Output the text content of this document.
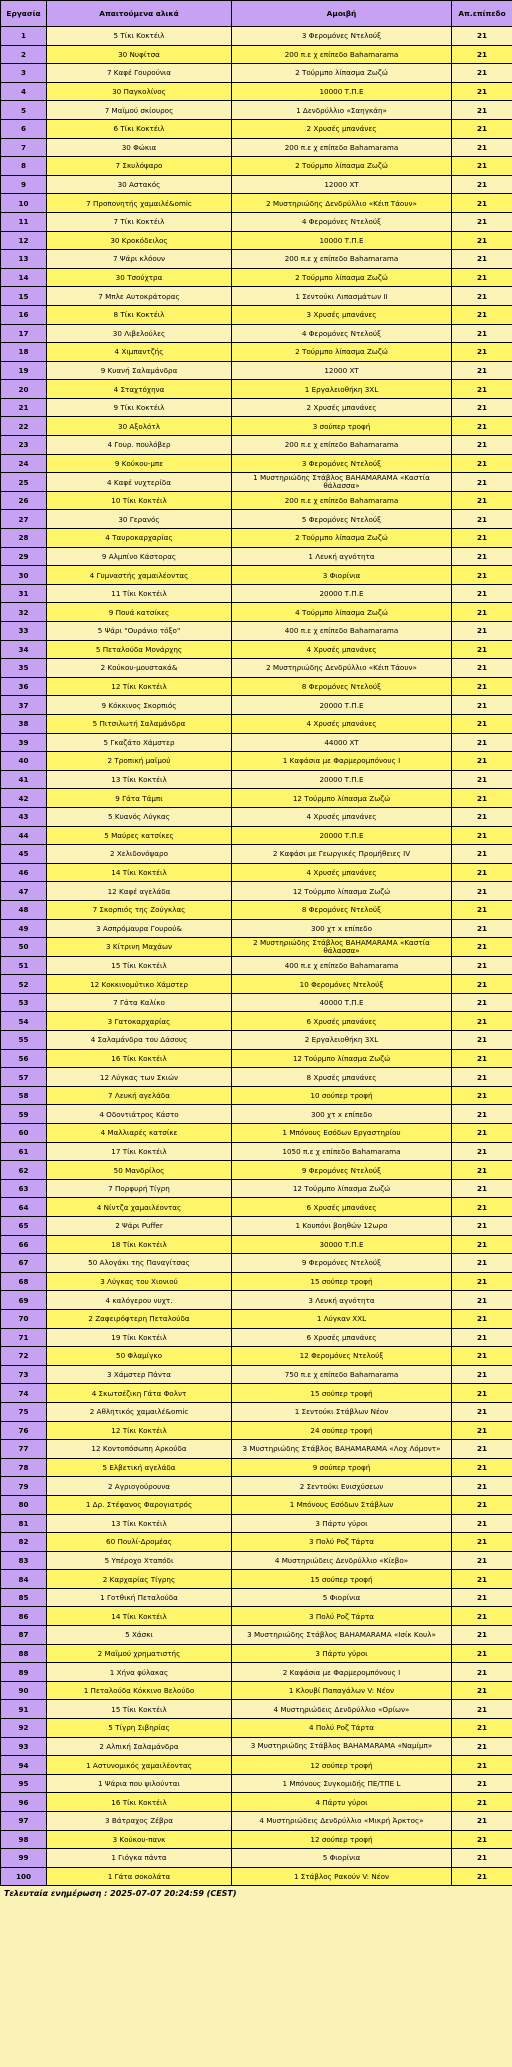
Εργασία	Απαιτούμενα αλικά	Αμοιβή	Απ.επίπεδο
1	5 Τίκι Κοκτέιλ	3 Φερομόνες Ντελούξ	21
2	30 Νυφίτσα	200 π.ε χ επίπεδο Bahamarama	21
3	7 Καφέ Γουρούνια	2 Τούρμπο λίπασμα Ζωζώ	21
4	30 Παγκολίνος	10000 Τ.Π.Ε	21
5	7 Μαϊμού σκίουρος	1 Δενδρύλλιο «Σαηγκάη»	21
6	6 Τίκι Κοκτέιλ	2 Χρυσές μπανάνες	21
7	30 Φώκια	200 π.ε χ επίπεδο Bahamarama	21
8	7 Σκυλόψαρο	2 Τούρμπο λίπασμα Ζωζώ	21
9	30 Αστακός	12000 XT	21
10	7 Προπονητής χαμαιλέ&omic	2 Μυστηριώδης Δενδρύλλιο «Κέιπ Τάουν»	21
11	7 Τίκι Κοκτέιλ	4 Φερομόνες Ντελούξ	21
12	30 Κροκόδειλος	10000 Τ.Π.Ε	21
13	7 Ψάρι κλόουν	200 π.ε χ επίπεδο Bahamarama	21
14	30 Τσούχτρα	2 Τούρμπο λίπασμα Ζωζώ	21
15	7 Μπλε Αυτοκράτορας	1 Σεντούκι Λιπασμάτων II	21
16	8 Τίκι Κοκτέιλ	3 Χρυσές μπανάνες	21
17	30 Λιβελούλες	4 Φερομόνες Ντελούξ	21
18	4 Χιμπαντζής	2 Τούρμπο λίπασμα Ζωζώ	21
19	9 Κυανή Σαλαμάνδρα	12000 XT	21
20	4 Σταχτόχηνα	1 Εργαλειοθήκη 3XL	21
21	9 Τίκι Κοκτέιλ	2 Χρυσές μπανάνες	21
22	30 Αξολότλ	3 σούπερ τροφή	21
23	4 Γουρ. πουλόβερ	200 π.ε χ επίπεδο Bahamarama	21
24	9 Κούκου-μπε	3 Φερομόνες Ντελούξ	21
25	4 Καφέ νυχτερίδα	1 Μυστηριώδης Στάβλος BAHAMARAMA «Καστία θάλασσα»	21
26	10 Τίκι Κοκτέιλ	200 π.ε χ επίπεδο Bahamarama	21
27	30 Γερανός	5 Φερομόνες Ντελούξ	21
28	4 Ταυροκαρχαρίας	2 Τούρμπο λίπασμα Ζωζώ	21
29	9 Αλμπίνο Κάστορας	1 Λευκή αγνότητα	21
30	4 Γυμναστής χαμαιλέοντας	3 Φιορίνια	21
31	11 Τίκι Κοκτέιλ	20000 Τ.Π.Ε	21
32	9 Πουά κατσίκες	4 Τούρμπο λίπασμα Ζωζώ	21
33	5 Ψάρι "Ουράνιο τόξο"	400 π.ε χ επίπεδο Bahamarama	21
34	5 Πεταλούδα Μονάρχης	4 Χρυσές μπανάνες	21
35	2 Κούκου-μουστακά&	2 Μυστηριώδης Δενδρύλλιο «Κέιπ Τάουν»	21
36	12 Τίκι Κοκτέιλ	8 Φερομόνες Ντελούξ	21
37	9 Κόκκινος Σκορπιός	20000 Τ.Π.Ε	21
38	5 Πιτσιλωτή Σαλαμάνδρα	4 Χρυσές μπανάνες	21
39	5 Γκαζάτο Χάμστερ	44000 XT	21
40	2 Τροπική μαϊμού	1 Καφάσια με Φαρμερομπόνους I	21
41	13 Τίκι Κοκτέιλ	20000 Τ.Π.Ε	21
42	9 Γάτα Τάμπι	12 Τούρμπο λίπασμα Ζωζώ	21
43	5 Κυανός Λύγκας	4 Χρυσές μπανάνες	21
44	5 Μαύρες κατσίκες	20000 Τ.Π.Ε	21
45	2 Χελιδονόψαρο	2 Καφάσι με Γεωργικές Προμήθειες IV	21
46	14 Τίκι Κοκτέιλ	4 Χρυσές μπανάνες	21
47	12 Καφέ αγελάδα	12 Τούρμπο λίπασμα Ζωζώ	21
48	7 Σκορπιός της Ζούγκλας	8 Φερομόνες Ντελούξ	21
49	3 Ασπρόμαυρα Γουρού&	300 χτ x επίπεδο	21
50	3 Κίτρινη Μαχάων	2 Μυστηριώδης Στάβλος BAHAMARAMA «Καστία θάλασσα»	21
51	15 Τίκι Κοκτέιλ	400 π.ε χ επίπεδο Bahamarama	21
52	12 Κοκκινομύτικο Χάμστερ	10 Φερομόνες Ντελούξ	21
53	7 Γάτα Καλίκο	40000 Τ.Π.Ε	21
54	3 Γατοκαρχαρίας	6 Χρυσές μπανάνες	21
55	4 Σαλαμάνδρα του Δάσους	2 Εργαλειοθήκη 3XL	21
56	16 Τίκι Κοκτέιλ	12 Τούρμπο λίπασμα Ζωζώ	21
57	12 Λύγκας των Σκιών	8 Χρυσές μπανάνες	21
58	7 Λευκή αγελάδα	10 σούπερ τροφή	21
59	4 Οδοντιάτρος Κάστο	300 χτ x επίπεδο	21
60	4 Μαλλιαρές κατσίκε	1 Μπόνους Εσόδων Εργαστηρίου	21
61	17 Τίκι Κοκτέιλ	1050 π.ε χ επίπεδο Bahamarama	21
62	50 Μανδρίλος	9 Φερομόνες Ντελούξ	21
63	7 Πορφυρή Τίγρη	12 Τούρμπο λίπασμα Ζωζώ	21
64	4 Νίντζα χαμαιλέοντας	6 Χρυσές μπανάνες	21
65	2 Ψάρι Puffer	1 Κουπόνι βοηθών 12ωρο	21
66	18 Τίκι Κοκτέιλ	30000 Τ.Π.Ε	21
67	50 Αλογάκι της Παναγίτσας	9 Φερομόνες Ντελούξ	21
68	3 Λύγκας του Χιονιού	15 σούπερ τροφή	21
69	4 καλόγερου νυχτ.	3 Λευκή αγνότητα	21
70	2 Ζαφειρόφτερη Πεταλούδα	1 Λύγκαν XXL	21
71	19 Τίκι Κοκτέιλ	6 Χρυσές μπανάνες	21
72	50 Φλαμίγκο	12 Φερομόνες Ντελούξ	21
73	3 Χάμστερ Πάντα	750 π.ε χ επίπεδο Bahamarama	21
74	4 Σκωτσέζικη Γάτα Φολντ	15 σούπερ τροφή	21
75	2 Αθλητικός χαμαιλέ&omic	1 Σεντούκι Στάβλων Νέον	21
76	12 Τίκι Κοκτέιλ	24 σούπερ τροφή	21
77	12 Κοντοπόσωπη Αρκούδα	3 Μυστηριώδης Στάβλος BAHAMARAMA «Λοχ Λόμοντ»	21
78	5 Ελβετική αγελάδα	9 σούπερ τροφή	21
79	2 Αγριογούρουνα	2 Σεντούκι Ενισχύσεων	21
80	1 Δρ. Στέφανος Φαρογιατρός	1 Μπόνους Εσόδων Στάβλων	21
81	13 Τίκι Κοκτέιλ	3 Πάρτυ γύροι	21
82	60 Πουλί-Δρομέας	3 Πολύ Ροζ Τάρτα	21
83	5 Υπέροχο Χταπόδι	4 Μυστηριώδεις Δενδρύλλιο «Κίεβο»	21
84	2 Καρχαρίας Τίγρης	15 σούπερ τροφή	21
85	1 Γοτθική Πεταλούδα	5 Φιορίνια	21
86	14 Τίκι Κοκτέιλ	3 Πολύ Ροζ Τάρτα	21
87	5 Χάσκι	3 Μυστηριώδης Στάβλος BAHAMARAMA «Ισίκ Κουλ»	21
88	2 Μαϊμού χρηματιστής	3 Πάρτυ γύροι	21
89	1 Χήνα φύλακας	2 Καφάσια με Φαρμερομπόνους I	21
90	1 Πεταλούδα Κόκκινο Βελούδο	1 Κλουβί Παπαγάλων V: Νέον	21
91	15 Τίκι Κοκτέιλ	4 Μυστηριώδεις Δενδρύλλιο «Ορίων»	21
92	5 Τίγρη Σιβηρίας	4 Πολύ Ροζ Τάρτα	21
93	2 Αλπική Σαλαμάνδρα	3 Μυστηριώδης Στάβλος BAHAMARAMA «Ναμίμπ»	21
94	1 Αστυνομικός χαμαιλέοντας	12 σούπερ τροφή	21
95	1 Ψάρια που ψιλούνται	1 Μπόνους Συγκομιδής ΠΕ/ΤΠΕ L	21
96	16 Τίκι Κοκτέιλ	4 Πάρτυ γύροι	21
97	3 Βάτραχος Ζέβρα	4 Μυστηριώδεις Δενδρύλλιο «Μικρή Άρκτος»	21
98	3 Κούκου-πανκ	12 σούπερ τροφή	21
99	1 Γιόγκα πάντα	5 Φιορίνια	21
100	1 Γάτα σοκολάτα	1 Στάβλος Ρακούν V: Νέον	21
Τελευταία ενημέρωση : 2025-07-07 20:24:59 (CEST)
